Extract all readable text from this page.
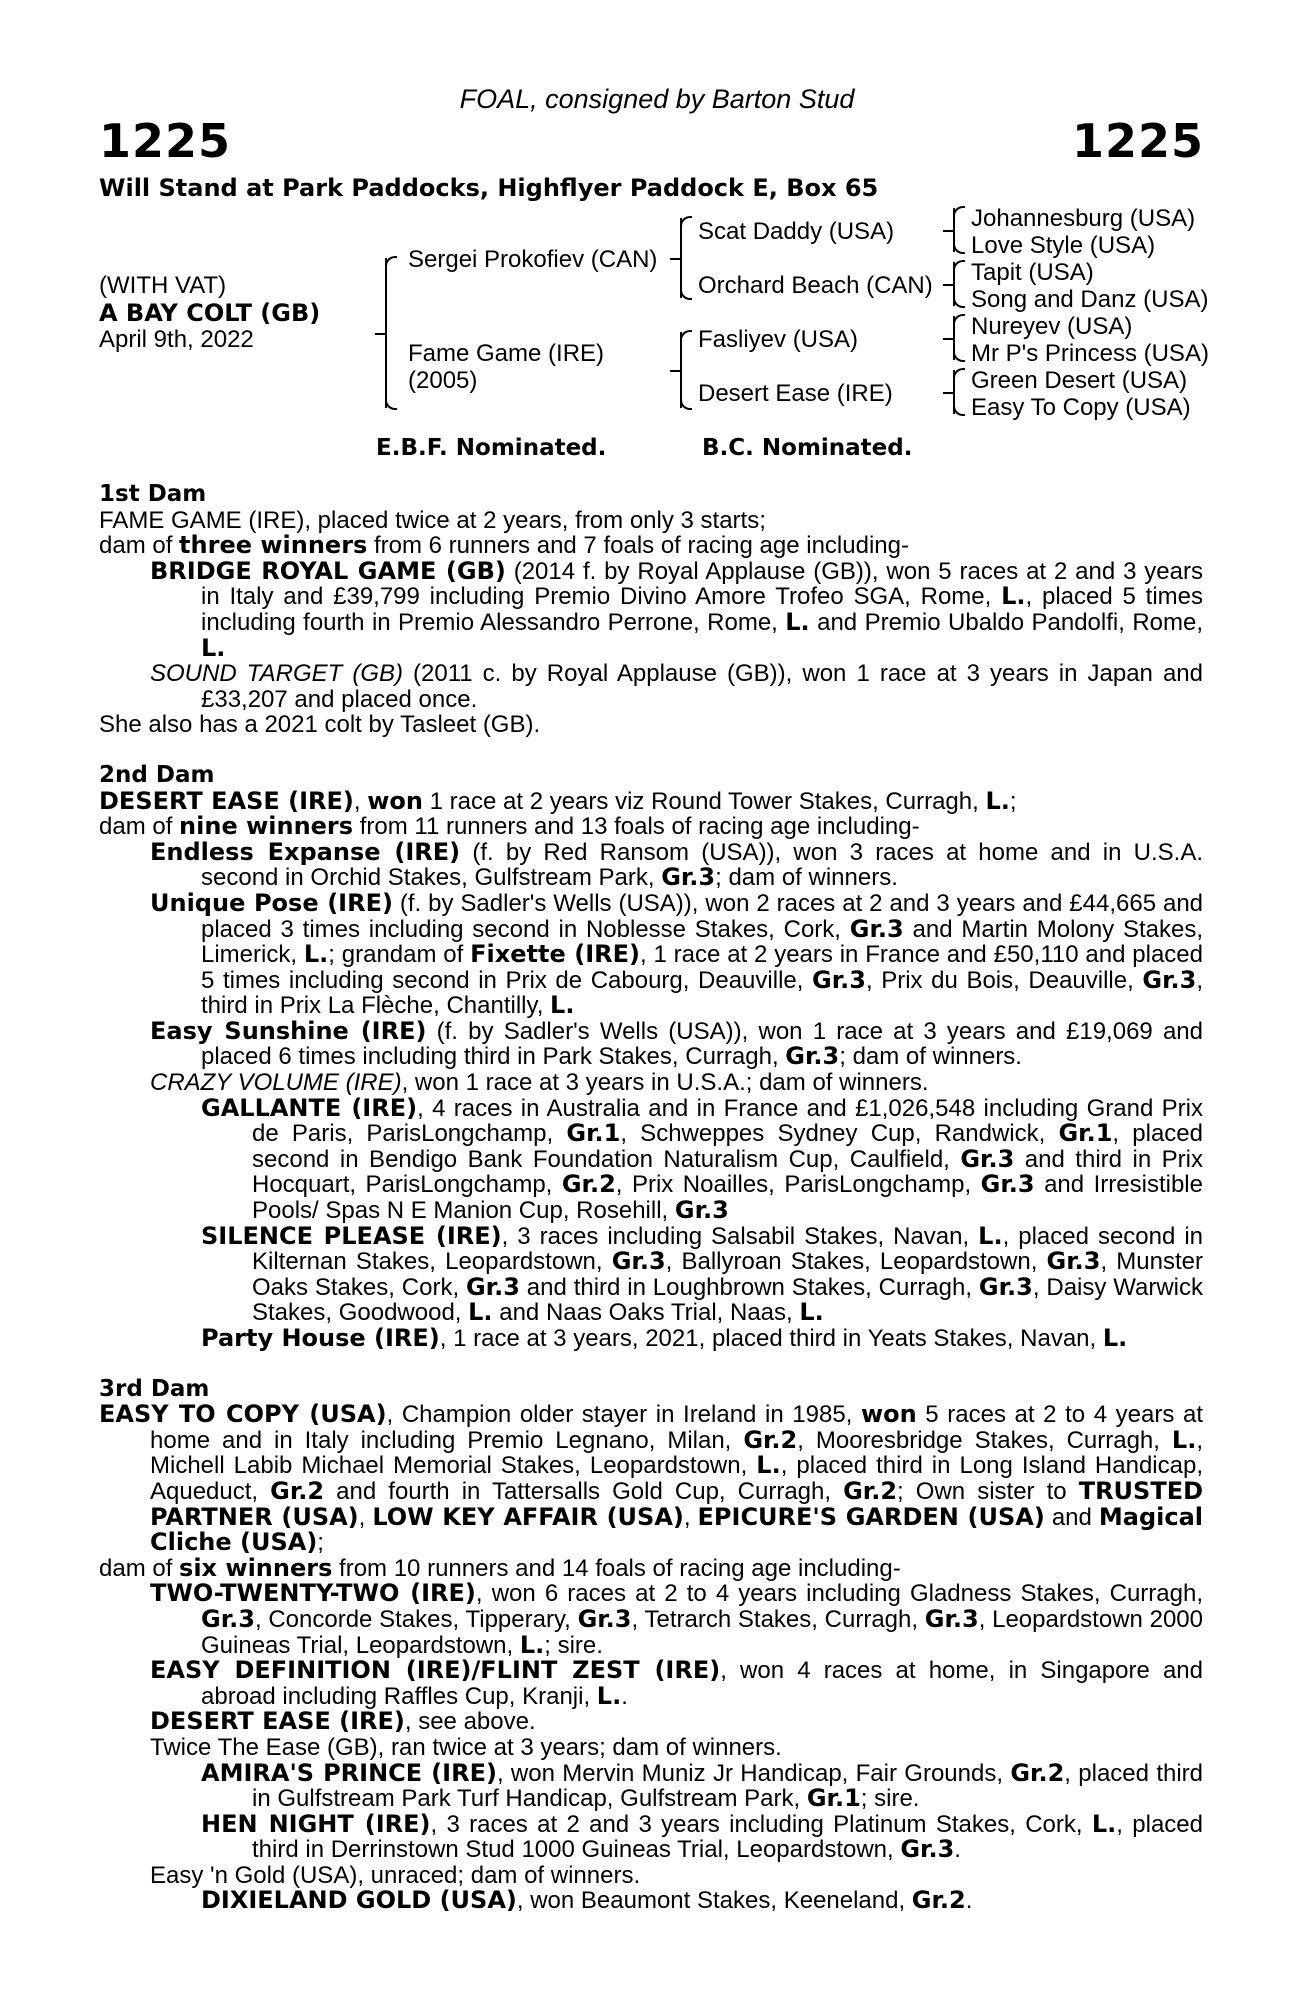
FOAL, consigned by Barton Stud
1225	1225
Will Stand at Park Paddocks, Highflyer Paddock E, Box 65
(WITH VAT)
A BAY COLT (GB)
April 9th, 2022
Sergei Prokofiev (CAN)
Fame Game (IRE)
(2005)
Scat Daddy (USA)
Orchard Beach (CAN)
Fasliyev (USA)
Desert Ease (IRE)
Johannesburg (USA)
Love Style (USA)
Tapit (USA)
Song and Danz (USA)
Nureyev (USA)
Mr P's Princess (USA)
Green Desert (USA)
Easy To Copy (USA)
E.B.F. Nominated.	B.C. Nominated.

1st Dam

FAME GAME (IRE), placed twice at 2 years, from only 3 starts;

dam of three winners from 6 runners and 7 foals of racing age including-

BRIDGE ROYAL GAME (GB) (2014 f. by Royal Applause (GB)), won 5 races at 2 and 3 years in Italy and £39,799 including Premio Divino Amore Trofeo SGA, Rome, L., placed 5 times including fourth in Premio Alessandro Perrone, Rome, L. and Premio Ubaldo Pandolfi, Rome, L.

SOUND TARGET (GB) (2011 c. by Royal Applause (GB)), won 1 race at 3 years in Japan and £33,207 and placed once.

She also has a 2021 colt by Tasleet (GB).

2nd Dam

DESERT EASE (IRE), won 1 race at 2 years viz Round Tower Stakes, Curragh, L.;

dam of nine winners from 11 runners and 13 foals of racing age including-

Endless Expanse (IRE) (f. by Red Ransom (USA)), won 3 races at home and in U.S.A. second in Orchid Stakes, Gulfstream Park, Gr.3; dam of winners.

Unique Pose (IRE) (f. by Sadler's Wells (USA)), won 2 races at 2 and 3 years and £44,665 and placed 3 times including second in Noblesse Stakes, Cork, Gr.3 and Martin Molony Stakes, Limerick, L.; grandam of Fixette (IRE), 1 race at 2 years in France and £50,110 and placed 5 times including second in Prix de Cabourg, Deauville, Gr.3, Prix du Bois, Deauville, Gr.3, third in Prix La Flèche, Chantilly, L.

Easy Sunshine (IRE) (f. by Sadler's Wells (USA)), won 1 race at 3 years and £19,069 and placed 6 times including third in Park Stakes, Curragh, Gr.3; dam of winners.

CRAZY VOLUME (IRE), won 1 race at 3 years in U.S.A.; dam of winners.

GALLANTE (IRE), 4 races in Australia and in France and £1,026,548 including Grand Prix de Paris, ParisLongchamp, Gr.1, Schweppes Sydney Cup, Randwick, Gr.1, placed second in Bendigo Bank Foundation Naturalism Cup, Caulfield, Gr.3 and third in Prix Hocquart, ParisLongchamp, Gr.2, Prix Noailles, ParisLongchamp, Gr.3 and Irresistible Pools/ Spas N E Manion Cup, Rosehill, Gr.3

SILENCE PLEASE (IRE), 3 races including Salsabil Stakes, Navan, L., placed second in Kilternan Stakes, Leopardstown, Gr.3, Ballyroan Stakes, Leopardstown, Gr.3, Munster Oaks Stakes, Cork, Gr.3 and third in Loughbrown Stakes, Curragh, Gr.3, Daisy Warwick Stakes, Goodwood, L. and Naas Oaks Trial, Naas, L.

Party House (IRE), 1 race at 3 years, 2021, placed third in Yeats Stakes, Navan, L.

3rd Dam

EASY TO COPY (USA), Champion older stayer in Ireland in 1985, won 5 races at 2 to 4 years at home and in Italy including Premio Legnano, Milan, Gr.2, Mooresbridge Stakes, Curragh, L., Michell Labib Michael Memorial Stakes, Leopardstown, L., placed third in Long Island Handicap, Aqueduct, Gr.2 and fourth in Tattersalls Gold Cup, Curragh, Gr.2; Own sister to TRUSTED PARTNER (USA), LOW KEY AFFAIR (USA), EPICURE'S GARDEN (USA) and Magical Cliche (USA);

dam of six winners from 10 runners and 14 foals of racing age including-

TWO-TWENTY-TWO (IRE), won 6 races at 2 to 4 years including Gladness Stakes, Curragh, Gr.3, Concorde Stakes, Tipperary, Gr.3, Tetrarch Stakes, Curragh, Gr.3, Leopardstown 2000 Guineas Trial, Leopardstown, L.; sire.

EASY DEFINITION (IRE)/FLINT ZEST (IRE), won 4 races at home, in Singapore and abroad including Raffles Cup, Kranji, L..

DESERT EASE (IRE), see above.

Twice The Ease (GB), ran twice at 3 years; dam of winners.

AMIRA'S PRINCE (IRE), won Mervin Muniz Jr Handicap, Fair Grounds, Gr.2, placed third in Gulfstream Park Turf Handicap, Gulfstream Park, Gr.1; sire.

HEN NIGHT (IRE), 3 races at 2 and 3 years including Platinum Stakes, Cork, L., placed third in Derrinstown Stud 1000 Guineas Trial, Leopardstown, Gr.3.

Easy 'n Gold (USA), unraced; dam of winners.

DIXIELAND GOLD (USA), won Beaumont Stakes, Keeneland, Gr.2.
